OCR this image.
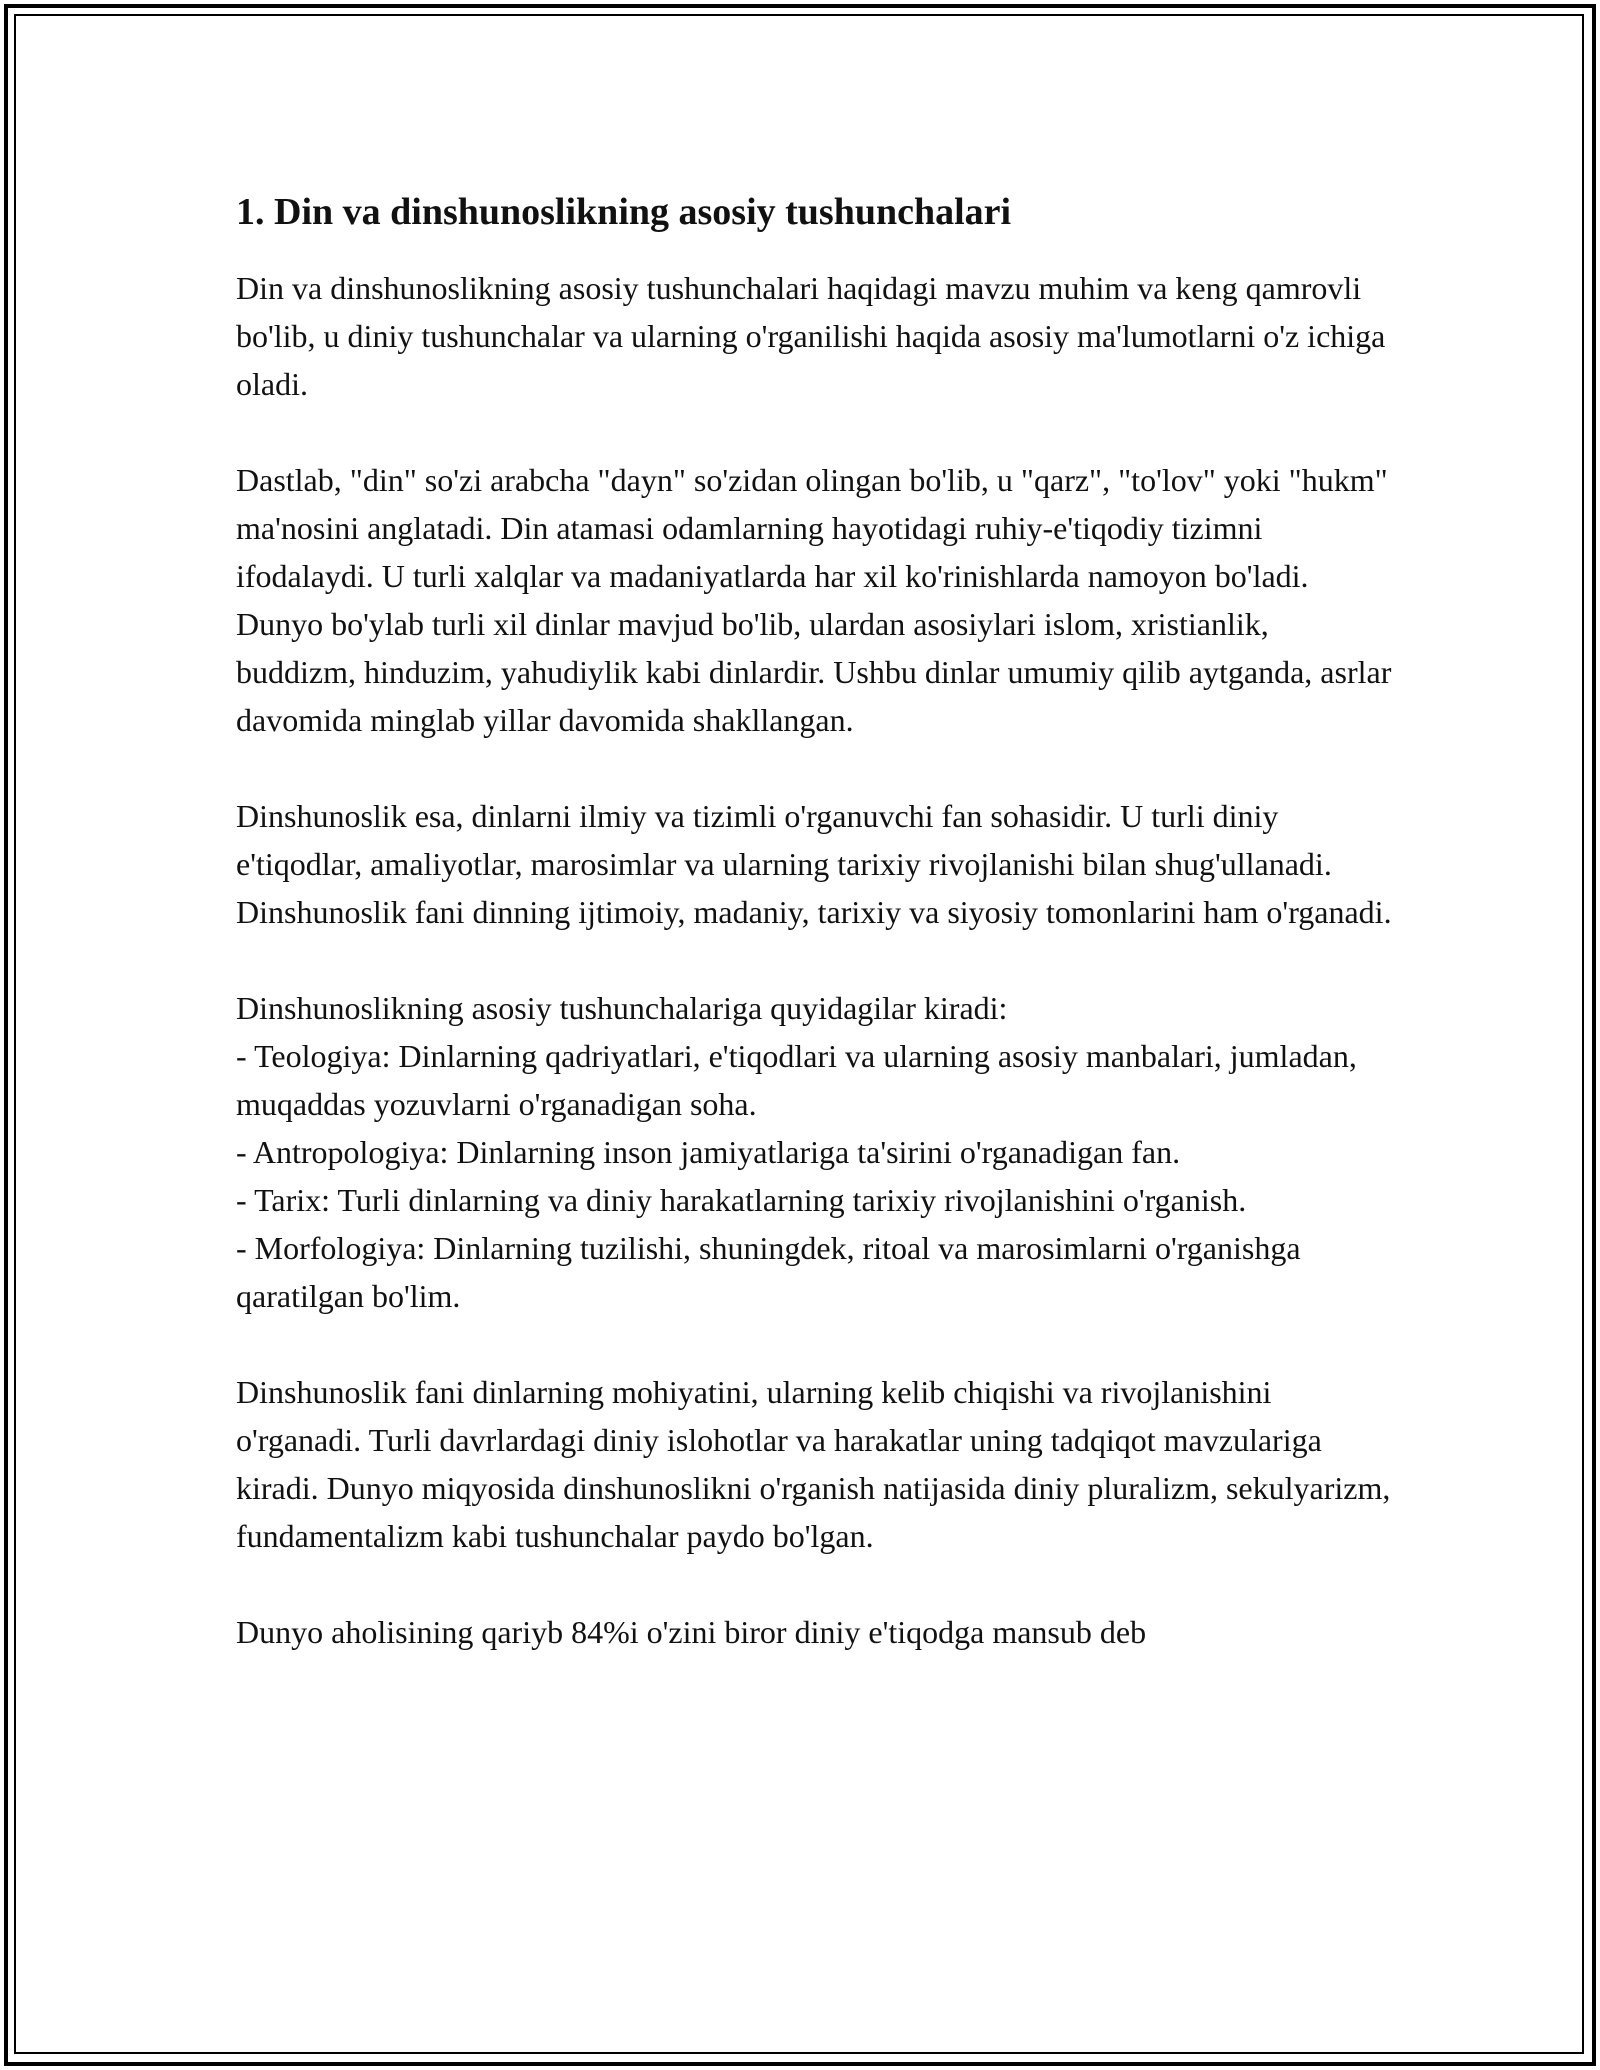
1. Din va dinshunoslikning asosiy tushunchalari

Din va dinshunoslikning asosiy tushunchalari haqidagi mavzu muhim va keng qamrovli bo'lib, u diniy tushunchalar va ularning o'rganilishi haqida asosiy ma'lumotlarni o'z ichiga oladi.

Dastlab, "din" so'zi arabcha "dayn" so'zidan olingan bo'lib, u "qarz", "to'lov" yoki "hukm" ma'nosini anglatadi. Din atamasi odamlarning hayotidagi ruhiy-e'tiqodiy tizimni ifodalaydi. U turli xalqlar va madaniyatlarda har xil ko'rinishlarda namoyon bo'ladi. Dunyo bo'ylab turli xil dinlar mavjud bo'lib, ulardan asosiylari islom, xristianlik, buddizm, hinduzim, yahudiylik kabi dinlardir. Ushbu dinlar umumiy qilib aytganda, asrlar davomida minglab yillar davomida shakllangan.

Dinshunoslik esa, dinlarni ilmiy va tizimli o'rganuvchi fan sohasidir. U turli diniy e'tiqodlar, amaliyotlar, marosimlar va ularning tarixiy rivojlanishi bilan shug'ullanadi. Dinshunoslik fani dinning ijtimoiy, madaniy, tarixiy va siyosiy tomonlarini ham o'rganadi.

Dinshunoslikning asosiy tushunchalariga quyidagilar kiradi:

- Teologiya: Dinlarning qadriyatlari, e'tiqodlari va ularning asosiy manbalari, jumladan, muqaddas yozuvlarni o'rganadigan soha.

- Antropologiya: Dinlarning inson jamiyatlariga ta'sirini o'rganadigan fan.

- Tarix: Turli dinlarning va diniy harakatlarning tarixiy rivojlanishini o'rganish.

- Morfologiya: Dinlarning tuzilishi, shuningdek, ritoal va marosimlarni o'rganishga qaratilgan bo'lim.

Dinshunoslik fani dinlarning mohiyatini, ularning kelib chiqishi va rivojlanishini o'rganadi. Turli davrlardagi diniy islohotlar va harakatlar uning tadqiqot mavzulariga kiradi. Dunyo miqyosida dinshunoslikni o'rganish natijasida diniy pluralizm, sekulyarizm, fundamentalizm kabi tushunchalar paydo bo'lgan.

Dunyo aholisining qariyb 84%i o'zini biror diniy e'tiqodga mansub deb
